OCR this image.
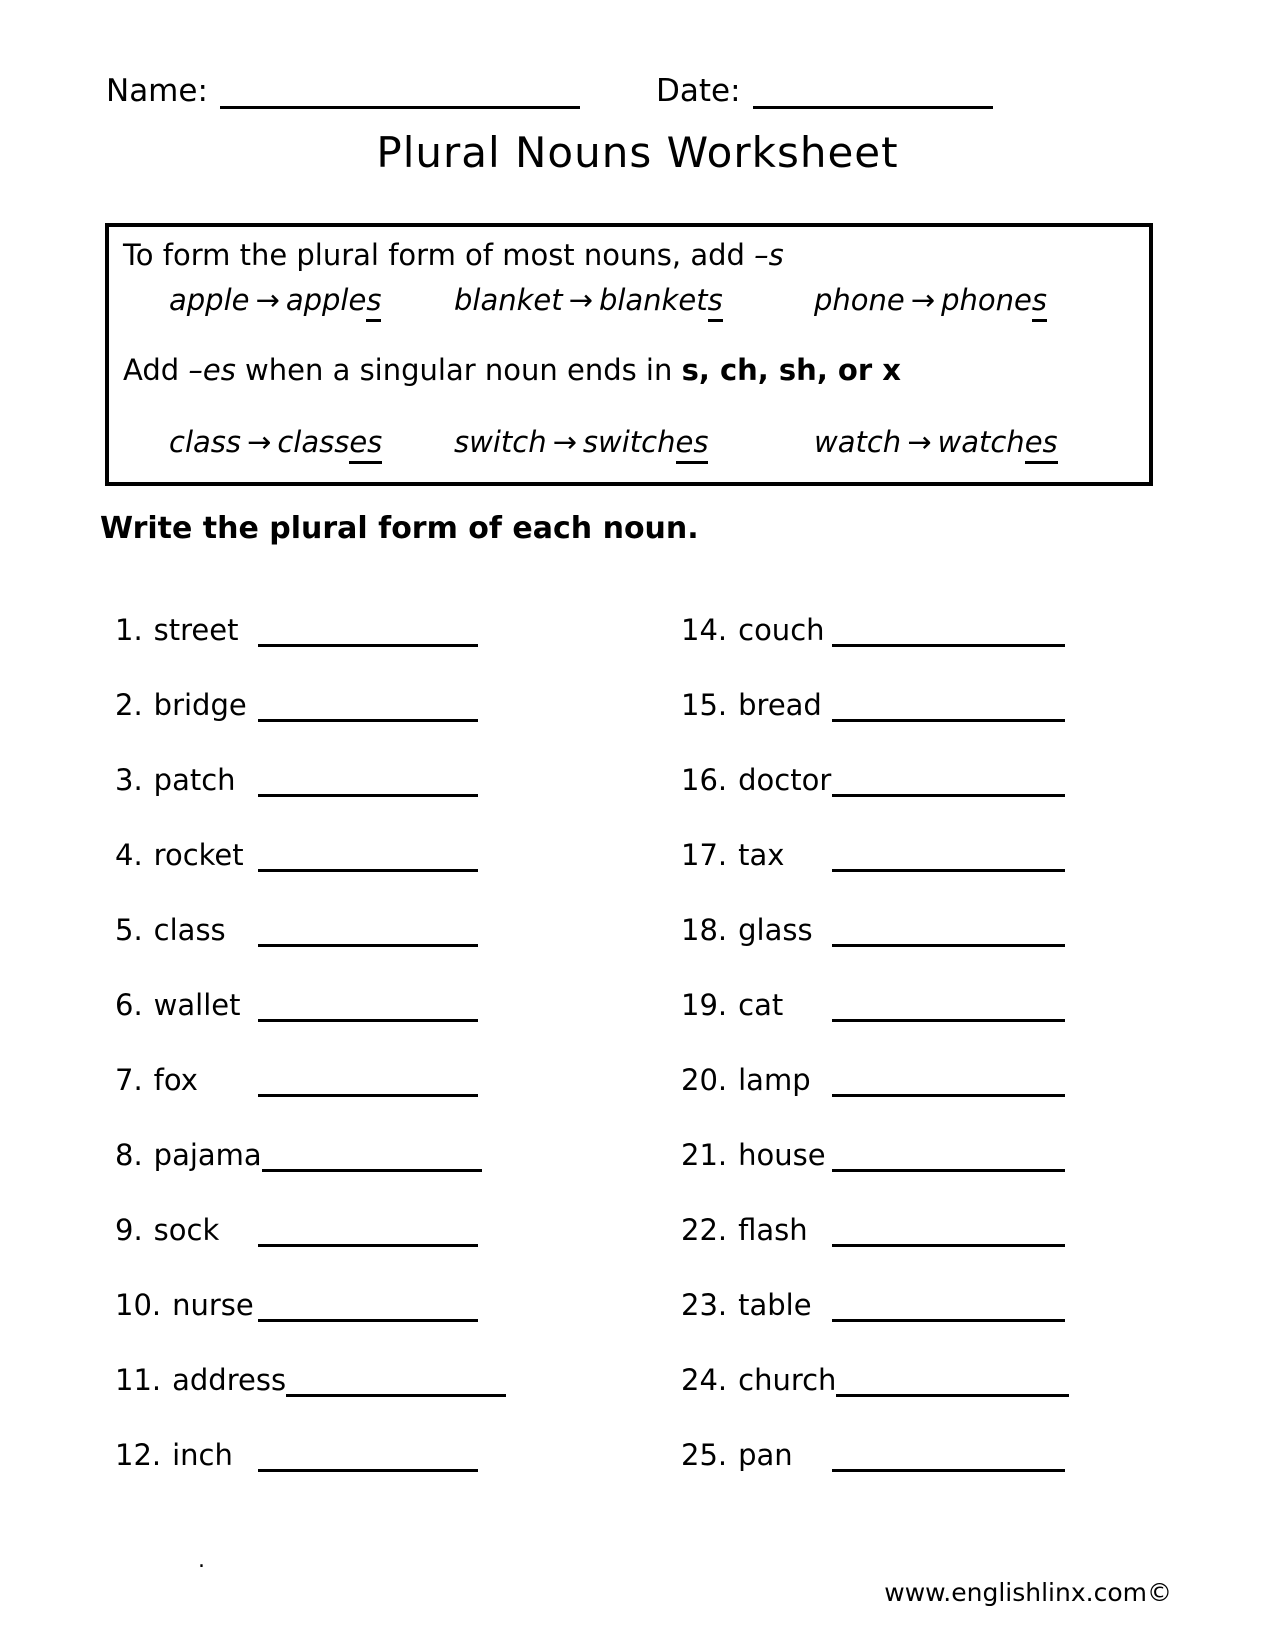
Name:	Date:
Plural Nouns Worksheet
To form the plural form of most nouns, add –s
apple → apples	blanket → blankets	phone → phones
Add –es when a singular noun ends in s, ch, sh, or x
class → classes switch → switches	watch → watches
Write the plural form of each noun.
1. street
2. bridge
3. patch
4. rocket
5. class
6. wallet
7. fox
8. pajama
9. sock
10. nurse
11. address
12. inch
14. couch
15. bread
16. doctor
17. tax
18. glass
19. cat
20. lamp
21. house
22. flash
23. table
24. church
25. pan
.
www.englishlinx.com©
